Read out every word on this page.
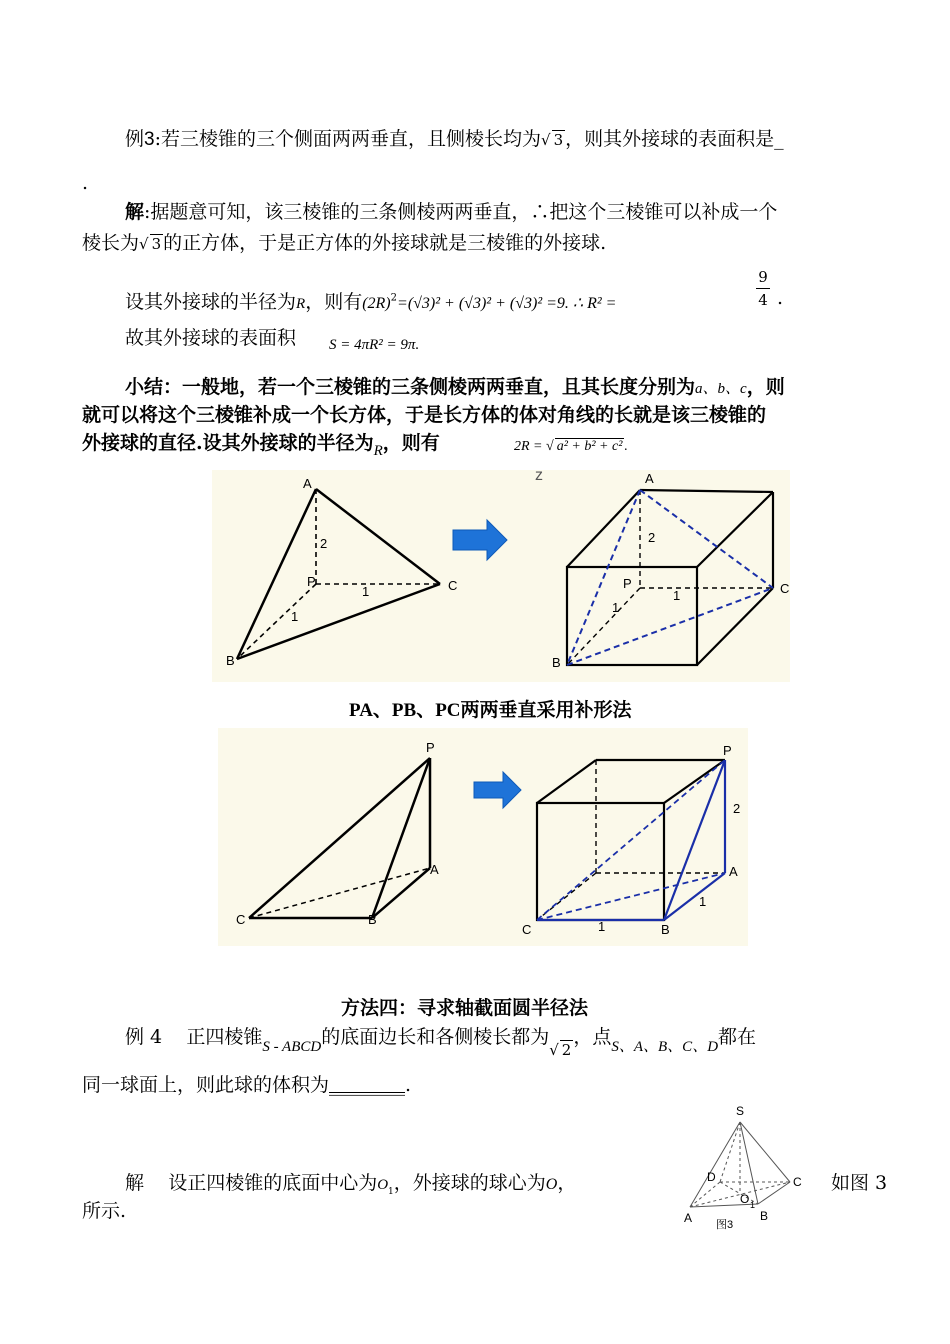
例3:若三棱锥的三个侧面两两垂直，且侧棱长均为√ 3 ，则其外接球的表面积是_
.
解:据题意可知，该三棱锥的三条侧棱两两垂直，∴把这个三棱锥可以补成一个
棱长为√ 3 的正方体，于是正方体的外接球就是三棱锥的外接球.
设其外接球的半径为R，则有$(2R)^2=(√3)^2 + (√3)^2 + (√3)^2 =9$. ∴ R² =
9
4 .
故其外接球的表面积 S = 4πR² = 9π.
小结：一般地，若一个三棱锥的三条侧棱两两垂直，且其长度分别为a、b、c，则
就可以将这个三棱锥补成一个长方体，于是长方体的体对角线的长就是该三棱锥的
外接球的直径.设其外接球的半径为$_R$，则有	2R = √ a² + b² + c² .
A
P	C
B
2
1
1
z	A
P	C
B
2
1
1
PA、PB、PC两两垂直采用补形法
P
A
B
C
P
2
A
1
1
C	B
方法四：寻求轴截面圆半径法
例 4 正四棱锥$_{S - ABCD}$的底面边长和各侧棱长都为$_{√ 2}$，点$_{S、A、B、C、D}$都在
同一球面上，则此球的体积为________.
解 设正四棱锥的底面中心为$O_1$，外接球的球心为O，	如图 3
所示.
S
D	C
O 1
A	B
图3
